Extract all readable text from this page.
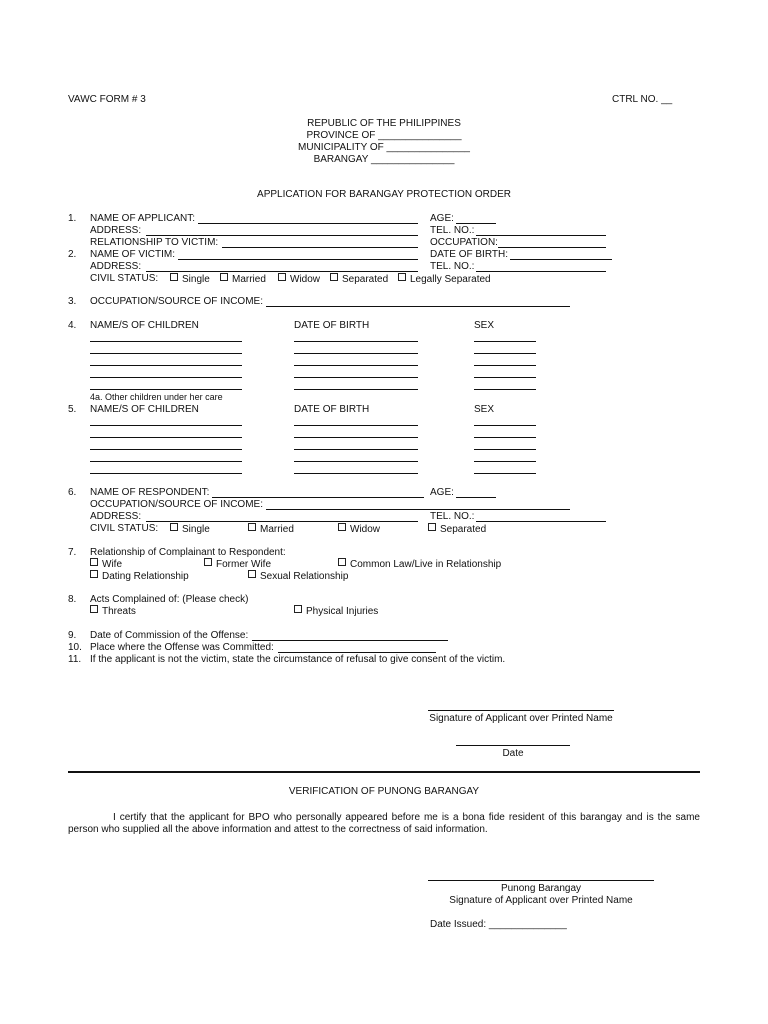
VAWC FORM # 3	CTRL NO. __
REPUBLIC OF THE PHILIPPINES
PROVINCE OF _______________
MUNICIPALITY OF _______________
BARANGAY _______________
APPLICATION FOR BARANGAY PROTECTION ORDER
1. NAME OF APPLICANT:	AGE:
ADDRESS:	TEL. NO.:
RELATIONSHIP TO VICTIM:	OCCUPATION:
2. NAME OF VICTIM:	DATE OF BIRTH:
ADDRESS:	TEL. NO.:
CIVIL STATUS:	Single	Married	Widow	Separated	Legally Separated
3. OCCUPATION/SOURCE OF INCOME:
4. NAME/S OF CHILDREN	DATE OF BIRTH	SEX
4a. Other children under her care
5. NAME/S OF CHILDREN	DATE OF BIRTH	SEX
6. NAME OF RESPONDENT:	AGE:
OCCUPATION/SOURCE OF INCOME:
ADDRESS:	TEL. NO.:
CIVIL STATUS:	Single	Married	Widow	Separated
7. Relationship of Complainant to Respondent:
Wife	Former Wife	Common Law/Live in Relationship
Dating Relationship	Sexual Relationship
8. Acts Complained of: (Please check)
Threats	Physical Injuries
9. Date of Commission of the Offense:
10. Place where the Offense was Committed:
11. If the applicant is not the victim, state the circumstance of refusal to give consent of the victim.
Signature of Applicant over Printed Name
Date
VERIFICATION OF PUNONG BARANGAY
I certify that the applicant for BPO who personally appeared before me is a bona fide resident of this barangay and is the same person who supplied all the above information and attest to the correctness of said information.
Punong Barangay
Signature of Applicant over Printed Name
Date Issued: ______________
